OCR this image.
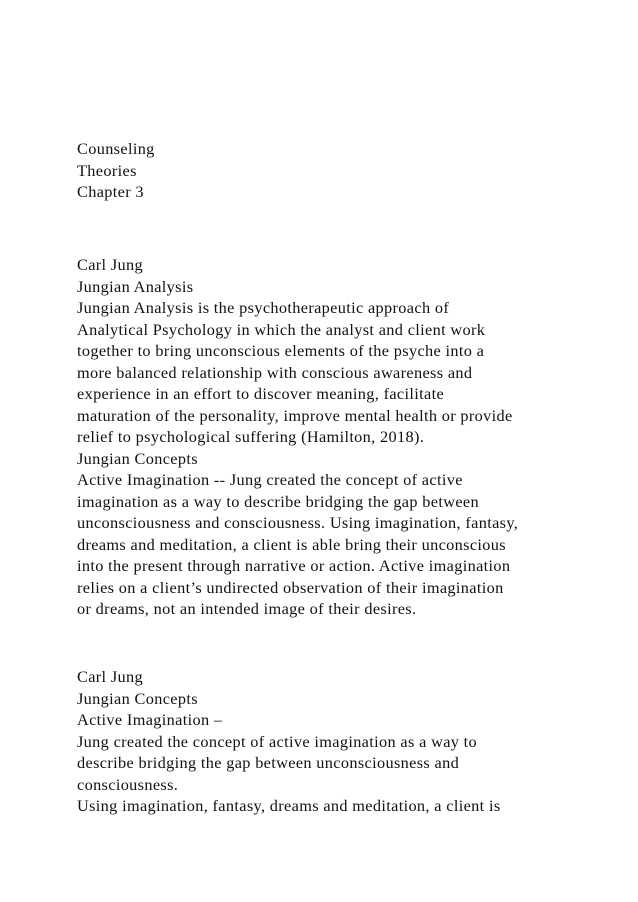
Counseling
Theories
Chapter 3
Carl Jung
Jungian Analysis
Jungian Analysis is the psychotherapeutic approach of
Analytical Psychology in which the analyst and client work
together to bring unconscious elements of the psyche into a
more balanced relationship with conscious awareness and
experience in an effort to discover meaning, facilitate
maturation of the personality, improve mental health or provide
relief to psychological suffering (Hamilton, 2018).
Jungian Concepts
Active Imagination -- Jung created the concept of active
imagination as a way to describe bridging the gap between
unconsciousness and consciousness. Using imagination, fantasy,
dreams and meditation, a client is able bring their unconscious
into the present through narrative or action. Active imagination
relies on a client’s undirected observation of their imagination
or dreams, not an intended image of their desires.
Carl Jung
Jungian Concepts
Active Imagination –
Jung created the concept of active imagination as a way to
describe bridging the gap between unconsciousness and
consciousness.
Using imagination, fantasy, dreams and meditation, a client is
